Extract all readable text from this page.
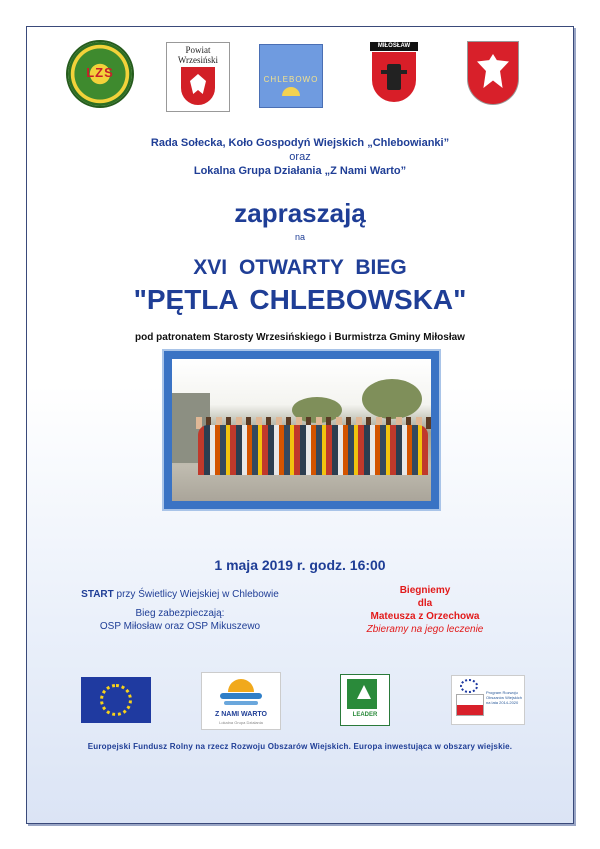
LZS
Powiat Wrzesiński
CHLEBOWO
MIŁOSŁAW
Rada Sołecka, Koło Gospodyń Wiejskich „Chlebowianki”
oraz
Lokalna Grupa Działania „Z Nami Warto”
zapraszają
na
XVI OTWARTY BIEG
"PĘTLA CHLEBOWSKA"
pod patronatem Starosty Wrzesińskiego i Burmistrza Gminy Miłosław
1 maja 2019 r. godz. 16:00
START przy Świetlicy Wiejskiej w Chlebowie
Bieg zabezpieczają:
OSP Miłosław oraz OSP Mikuszewo
Biegniemy
dla
Mateusza z Orzechowa
Zbieramy na jego leczenie
Z NAMI WARTO
Lokalna Grupa Działania
LEADER
Program Rozwoju Obszarów Wiejskich na lata 2014-2020
Europejski Fundusz Rolny na rzecz Rozwoju Obszarów Wiejskich. Europa inwestująca w obszary wiejskie.
